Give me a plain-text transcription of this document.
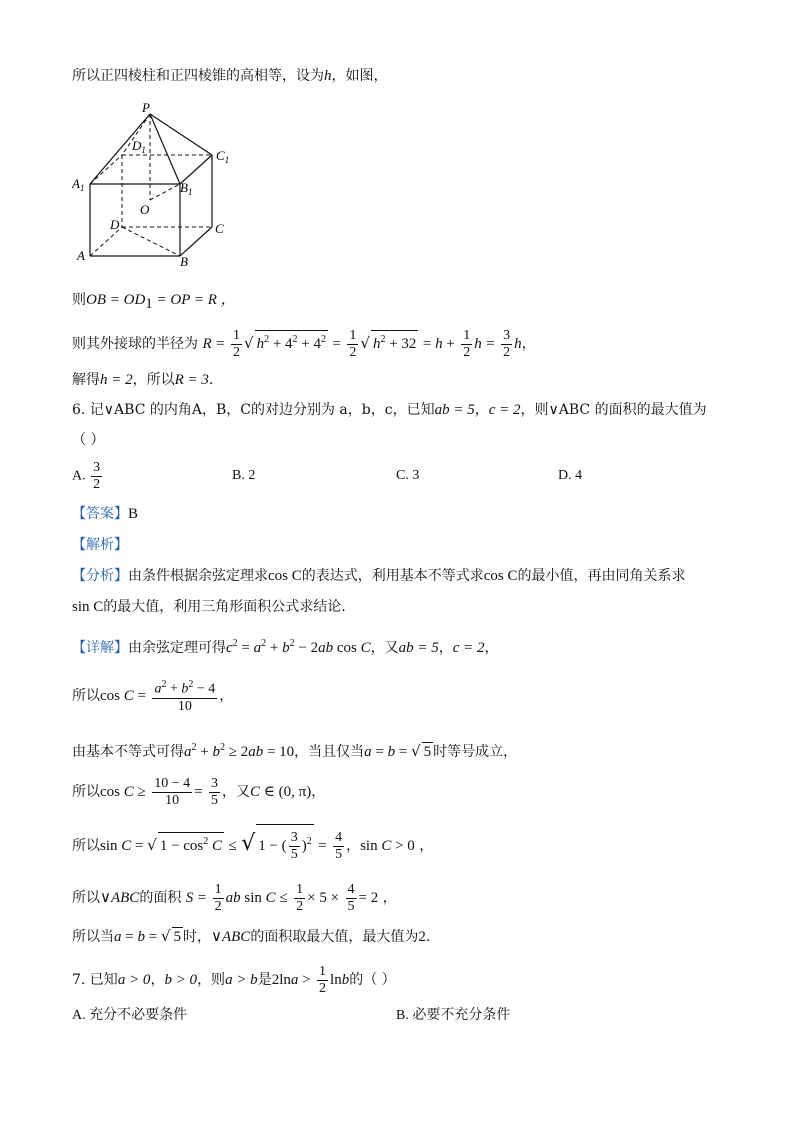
所以正四棱柱和正四棱锥的高相等，设为h，如图，
P
$D_1$	$C_1$
$A_1$	$B_1$
O
D	C
A	B
则OB = $OD_1$ = OP = R ，
则其外接球的半径为 $R = \frac{1}{2}$ √ $h^2 + 4^2 + 4^2 = \frac{1}{2}$ √ $h^2 + 32 = h + \frac{1}{2}$ $h = \frac{3}{2}$ h，
解得h = 2，所以R = 3.
6. 记∨ABC 的内角A，B，C的对边分别为 a，b，c，已知ab = 5，c = 2，则∨ABC 的面积的最大值为
（ ）
A. $\frac{3}{2}$	B. 2	C. 3	D. 4
【答案】B
【解析】
【分析】由条件根据余弦定理求cos C的表达式，利用基本不等式求cos C的最小值，再由同角关系求
sin C的最大值，利用三角形面积公式求结论.
【详解】由余弦定理可得$c^2 = a^2 + b^2 - 2ab$ cos C，又ab = 5，c = 2，
所以$\cos C = \frac{a^2 + b^2 - 4}{10}$ ，
由基本不等式可得$a^2 + b^2 \ge 2ab = 10$，当且仅当a = b = √ 5 时等号成立，
所以$\cos C \ge \frac{10 - 4}{10} = \frac{3}{5}$ ，又C ∈ (0, π)，
所以sin C = √ $1 - \cos^2 C$ ≤ √ 1 − ( $\frac{3}{5} )^2 = \frac{4}{5}$ ，sin C > 0 ，
所以∨ABC的面积 $S = \frac{1}{2}$ ab $\sin C \le \frac{1}{2} \times 5 \times \frac{4}{5} = 2$ ，
所以当a = b = √ 5 时，∨ABC的面积取最大值，最大值为2.
7. 已知a > 0，b > 0，则a > b是$2\ln a > \frac{1}{2}$ lnb的（ ）
A. 充分不必要条件	B. 必要不充分条件
